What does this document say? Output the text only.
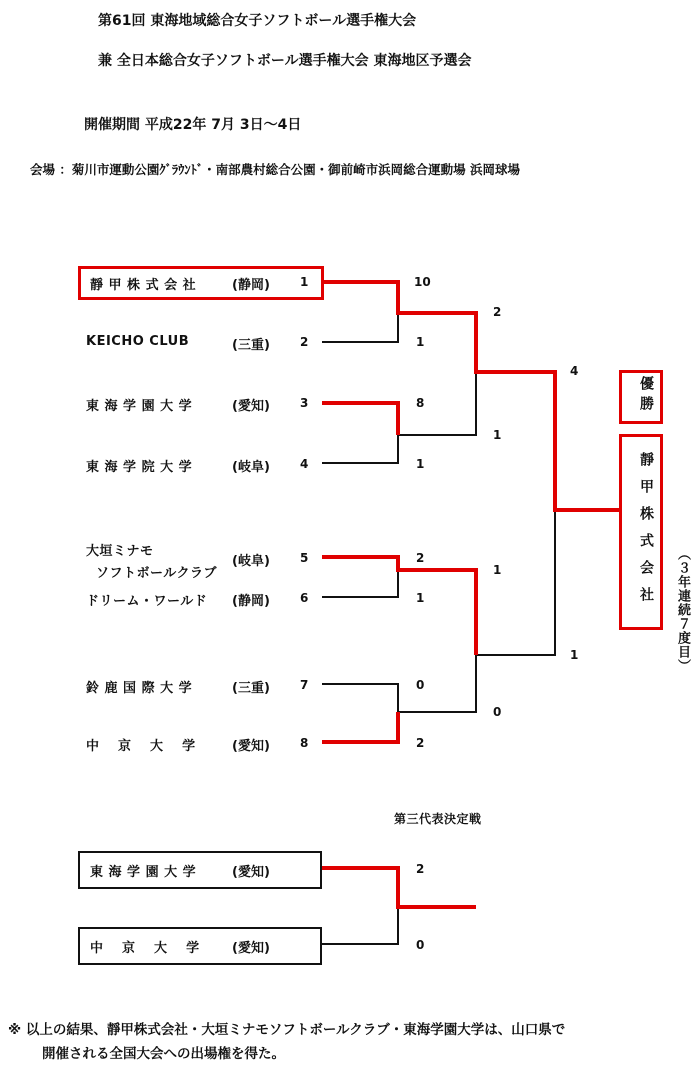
第61回 東海地域総合女子ソフトボール選手権大会
兼 全日本総合女子ソフトボール選手権大会 東海地区予選会
開催期間 平成22年 7月 3日〜4日
会場 ：菊川市運動公園ｸﾞﾗｳﾝﾄﾞ・南部農村総合公園・御前崎市浜岡総合運動場 浜岡球場
靜 甲 株 式 会 社	(静岡)	1
KEICHO CLUB	(三重)	2
東 海 学 園 大 学	(愛知)	3
東 海 学 院 大 学	(岐阜)	4
大垣ミナモ
ソフトボールクラブ
(岐阜)	5
ドリーム・ワールド (静岡)	6
鈴 鹿 国 際 大 学	(三重)	7
中　 京　 大　 学	(愛知)	8
10
1
8
1
2
1
0
2
2
1
1
0
4
1
優勝
靜甲株式会社	（３年連続７度目）
第三代表決定戦
東 海 学 園 大 学	(愛知)	2
中　 京　 大　 学 (愛知)	0
※ 以上の結果、靜甲株式会社・大垣ミナモソフトボールクラブ・東海学園大学は、山口県で
開催される全国大会への出場権を得た。
